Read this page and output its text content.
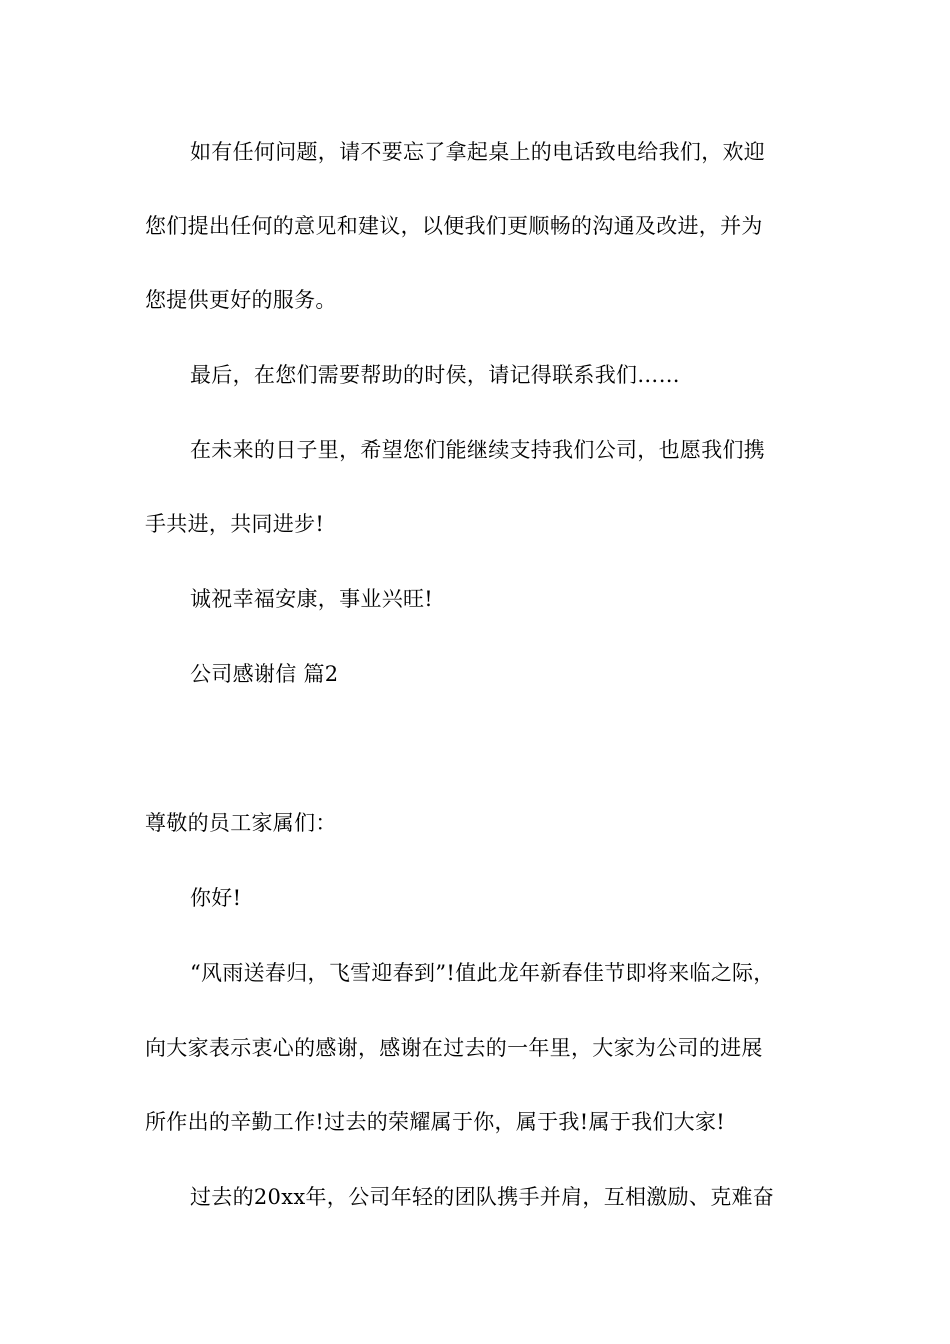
如有任何问题，请不要忘了拿起桌上的电话致电给我们，欢迎
您们提出任何的意见和建议，以便我们更顺畅的沟通及改进，并为
您提供更好的服务。
最后，在您们需要帮助的时侯，请记得联系我们……
在未来的日子里，希望您们能继续支持我们公司，也愿我们携
手共进，共同进步!
诚祝幸福安康，事业兴旺!
公司感谢信 篇2
尊敬的员工家属们：
你好!
“风雨送春归，飞雪迎春到”!值此龙年新春佳节即将来临之际，
向大家表示衷心的感谢，感谢在过去的一年里，大家为公司的进展
所作出的辛勤工作!过去的荣耀属于你，属于我!属于我们大家!
过去的20xx年，公司年轻的团队携手并肩，互相激励、克难奋
